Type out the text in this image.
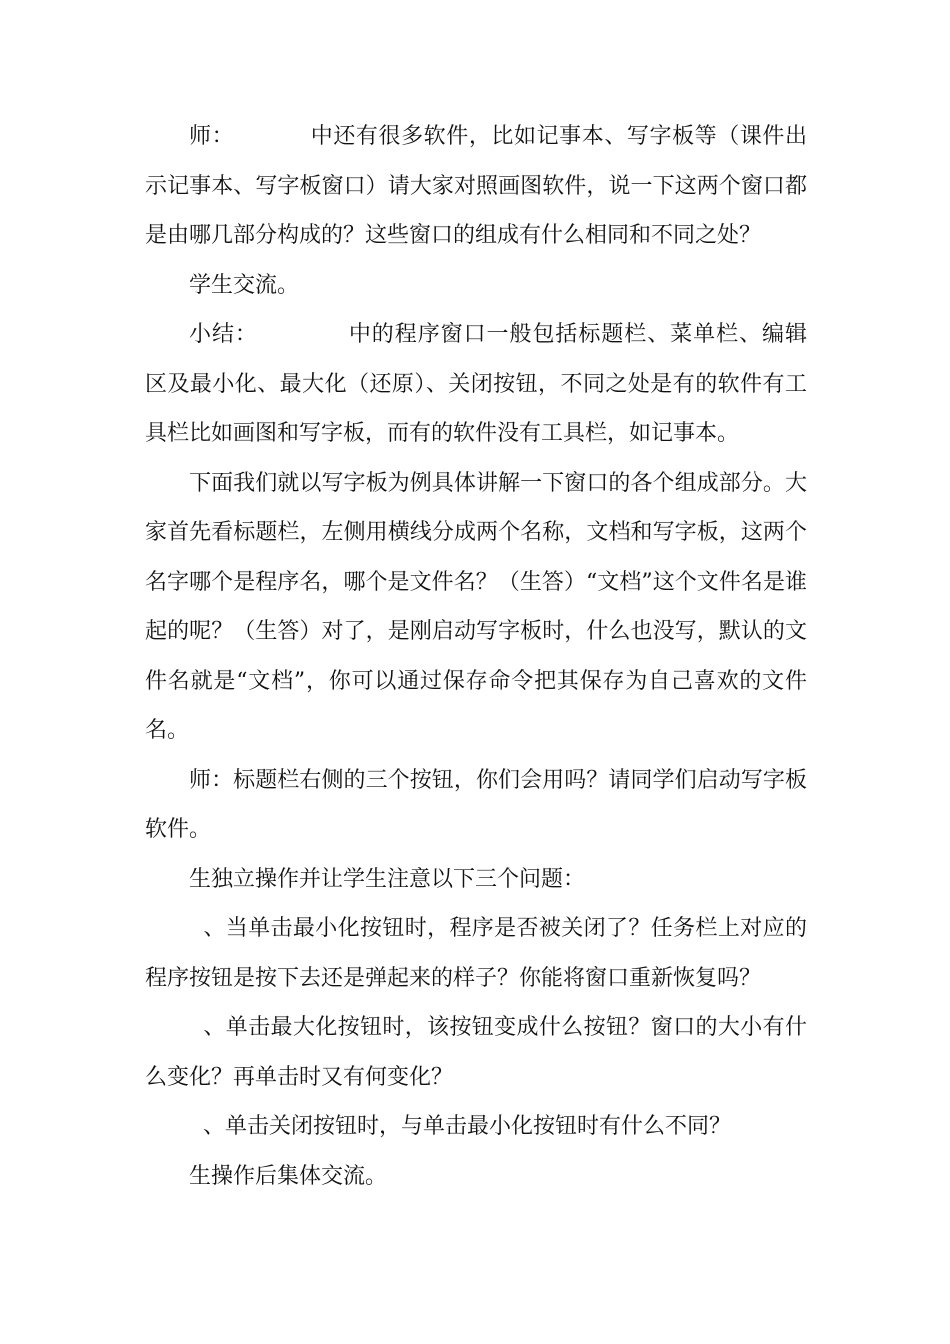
师：	中还有很多软件，比如记事本、写字板等（课件出示记事本、写字板窗口）请大家对照画图软件，说一下这两个窗口都是由哪几部分构成的？这些窗口的组成有什么相同和不同之处？

学生交流。

小结：	中的程序窗口一般包括标题栏、菜单栏、编辑区及最小化、最大化（还原）、关闭按钮，不同之处是有的软件有工具栏比如画图和写字板，而有的软件没有工具栏，如记事本。

下面我们就以写字板为例具体讲解一下窗口的各个组成部分。大家首先看标题栏，左侧用横线分成两个名称，文档和写字板，这两个名字哪个是程序名，哪个是文件名？（生答）“文档”这个文件名是谁起的呢？（生答）对了，是刚启动写字板时，什么也没写，默认的文件名就是“文档”，你可以通过保存命令把其保存为自己喜欢的文件名。

师：标题栏右侧的三个按钮，你们会用吗？请同学们启动写字板软件。

生独立操作并让学生注意以下三个问题：

、当单击最小化按钮时，程序是否被关闭了？任务栏上对应的程序按钮是按下去还是弹起来的样子？你能将窗口重新恢复吗？

、单击最大化按钮时，该按钮变成什么按钮？窗口的大小有什么变化？再单击时又有何变化？

、单击关闭按钮时，与单击最小化按钮时有什么不同？

生操作后集体交流。
